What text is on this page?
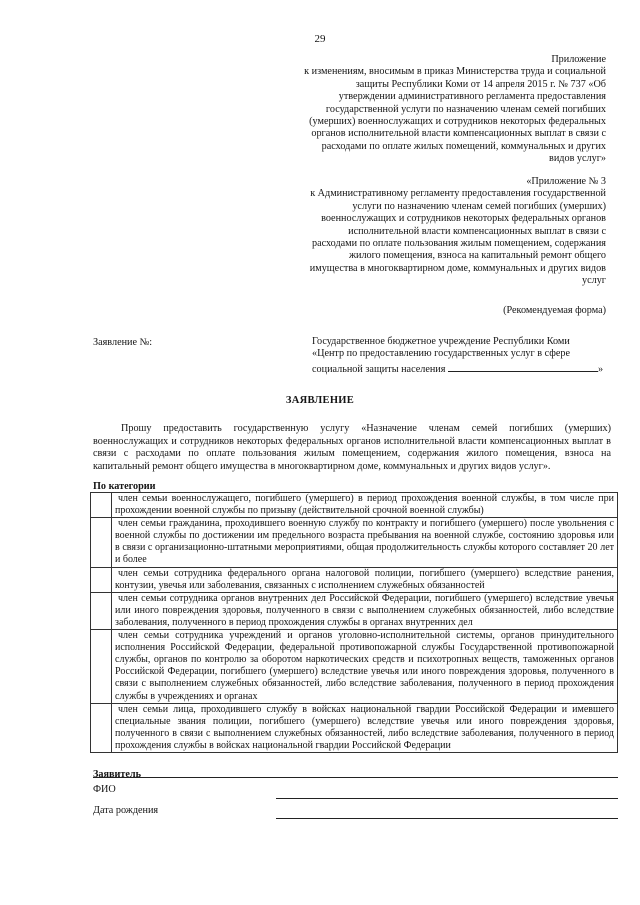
29
Приложение
к изменениям, вносимым в приказ Министерства труда и социальной
защиты Республики Коми от 14 апреля 2015 г. № 737 «Об
утверждении административного регламента предоставления
государственной услуги по назначению членам семей погибших
(умерших) военнослужащих и сотрудников некоторых федеральных
органов исполнительной власти компенсационных выплат в связи с
расходами по оплате жилых помещений, коммунальных и других
видов услуг»
«Приложение № 3
к Административному регламенту предоставления государственной
услуги по назначению членам семей погибших (умерших)
военнослужащих и сотрудников некоторых федеральных органов
исполнительной власти компенсационных выплат в связи с
расходами по оплате пользования жилым помещением, содержания
жилого помещения, взноса на капитальный ремонт общего
имущества в многоквартирном доме, коммунальных и других видов
услуг
(Рекомендуемая форма)
Заявление №:	Государственное бюджетное учреждение Республики Коми
«Центр по предоставлению государственных услуг в сфере
социальной защиты населения	»
ЗАЯВЛЕНИЕ
Прошу предоставить государственную услугу «Назначение членам семей погибших (умерших) военнослужащих и сотрудников некоторых федеральных органов исполнительной власти компенсационных выплат в связи с расходами по оплате пользования жилым помещением, содержания жилого помещения, взноса на капитальный ремонт общего имущества в многоквартирном доме, коммунальных и других видов услуг».
По категории
	член семьи военнослужащего, погибшего (умершего) в период прохождения военной службы, в том числе при прохождении военной службы по призыву (действительной срочной военной службы)
	член семьи гражданина, проходившего военную службу по контракту и погибшего (умершего) после увольнения с военной службы по достижении им предельного возраста пребывания на военной службе, состоянию здоровья или в связи с организационно-штатными мероприятиями, общая продолжительность службы которого составляет 20 лет и более
	член семьи сотрудника федерального органа налоговой полиции, погибшего (умершего) вследствие ранения, контузии, увечья или заболевания, связанных с исполнением служебных обязанностей
	член семьи сотрудника органов внутренних дел Российской Федерации, погибшего (умершего) вследствие увечья или иного повреждения здоровья, полученного в связи с выполнением служебных обязанностей, либо вследствие заболевания, полученного в период прохождения службы в органах внутренних дел
	член семьи сотрудника учреждений и органов уголовно-исполнительной системы, органов принудительного исполнения Российской Федерации, федеральной противопожарной службы Государственной противопожарной службы, органов по контролю за оборотом наркотических средств и психотропных веществ, таможенных органов Российской Федерации, погибшего (умершего) вследствие увечья или иного повреждения здоровья, полученного в связи с выполнением служебных обязанностей, либо вследствие заболевания, полученного в период прохождения службы в учреждениях и органах
	член семьи лица, проходившего службу в войсках национальной гвардии Российской Федерации и имевшего специальные звания полиции, погибшего (умершего) вследствие увечья или иного повреждения здоровья, полученного в связи с выполнением служебных обязанностей, либо вследствие заболевания, полученного в период прохождения службы в войсках национальной гвардии Российской Федерации
Заявитель
ФИО
Дата рождения
